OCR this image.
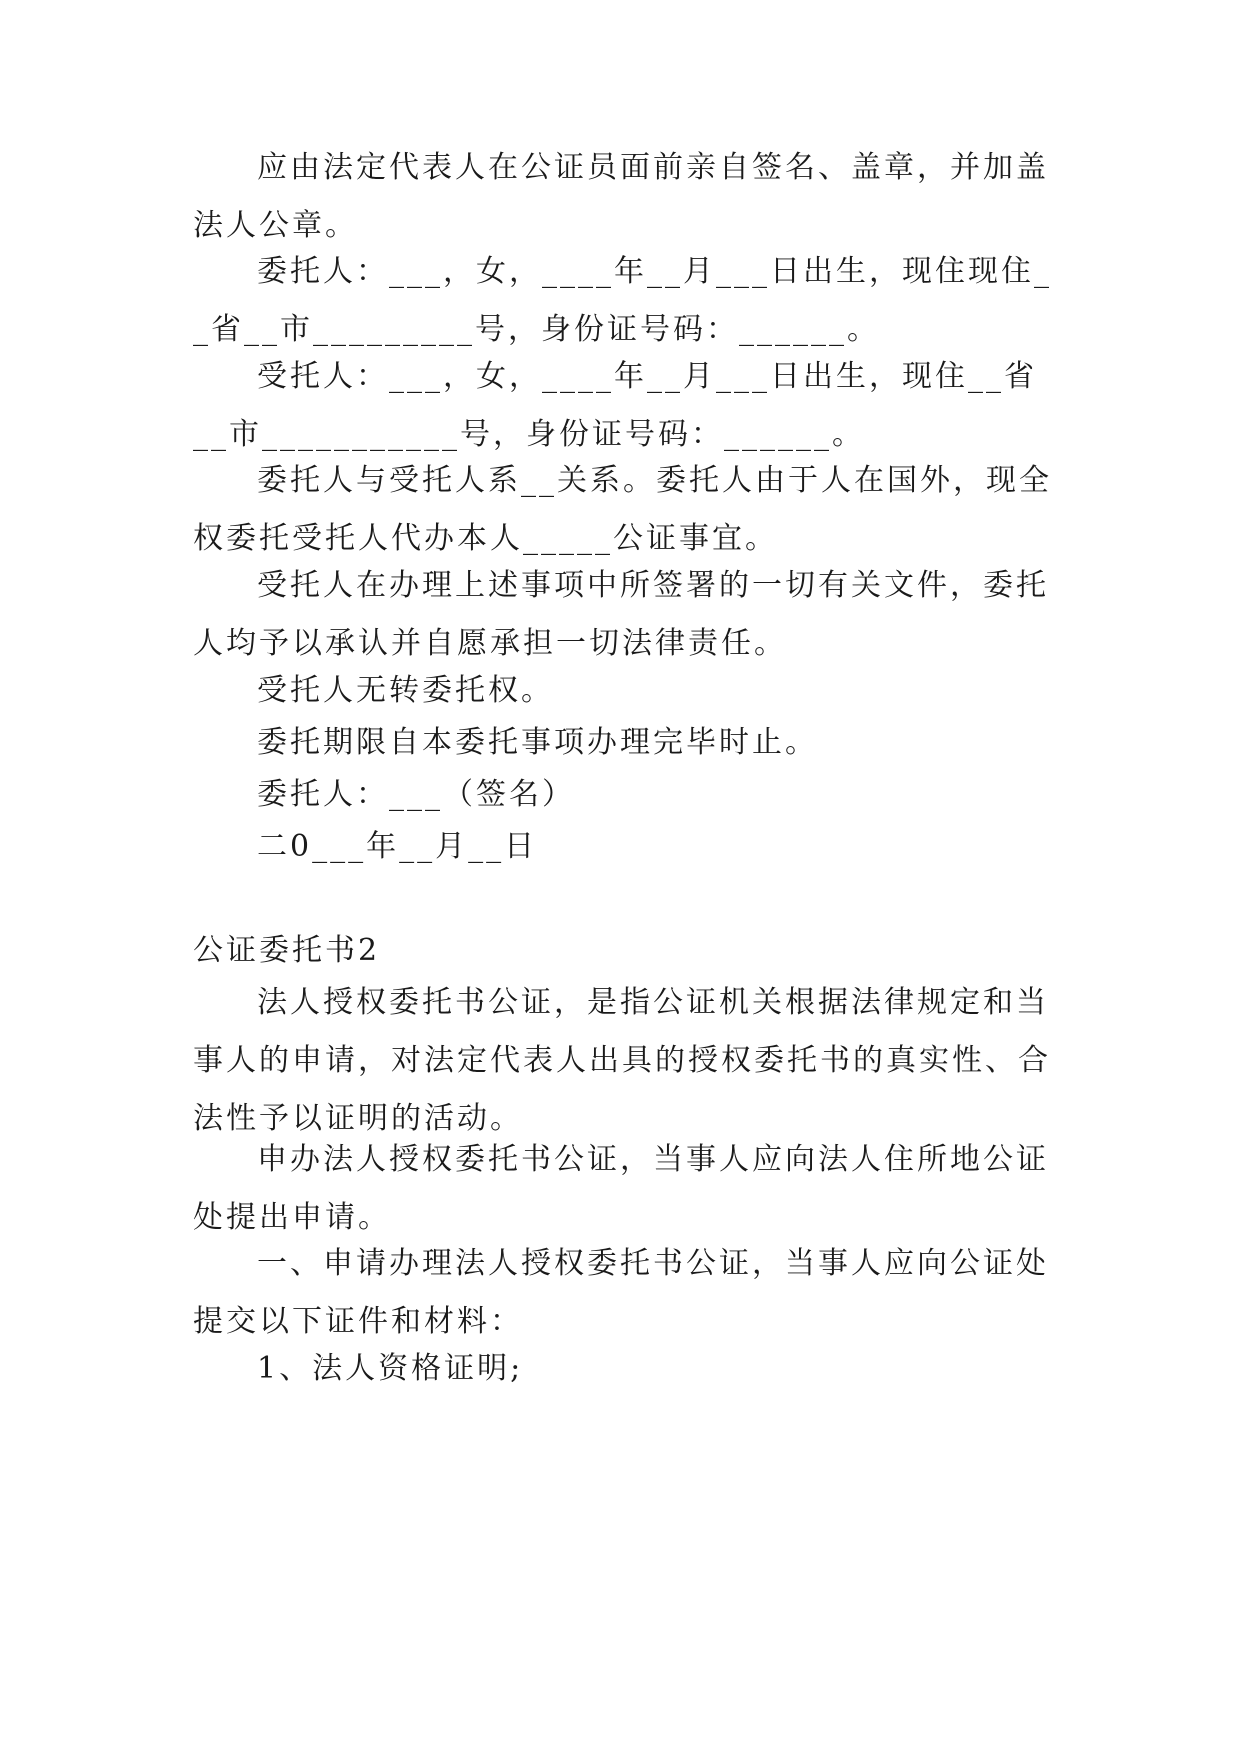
应由法定代表人在公证员面前亲自签名、盖章，并加盖法人公章。

委托人：___，女，____年__月___日出生，现住现住__省__市_________号，身份证号码：______。

受托人：___，女，____年__月___日出生，现住__省__市___________号，身份证号码：______。

委托人与受托人系__关系。委托人由于人在国外，现全权委托受托人代办本人_____公证事宜。

受托人在办理上述事项中所签署的一切有关文件，委托人均予以承认并自愿承担一切法律责任。

受托人无转委托权。

委托期限自本委托事项办理完毕时止。

委托人：___（签名）

二0___年__月__日

公证委托书2

法人授权委托书公证，是指公证机关根据法律规定和当事人的申请，对法定代表人出具的授权委托书的真实性、合法性予以证明的活动。

申办法人授权委托书公证，当事人应向法人住所地公证处提出申请。

一、申请办理法人授权委托书公证，当事人应向公证处提交以下证件和材料：

1、法人资格证明;
